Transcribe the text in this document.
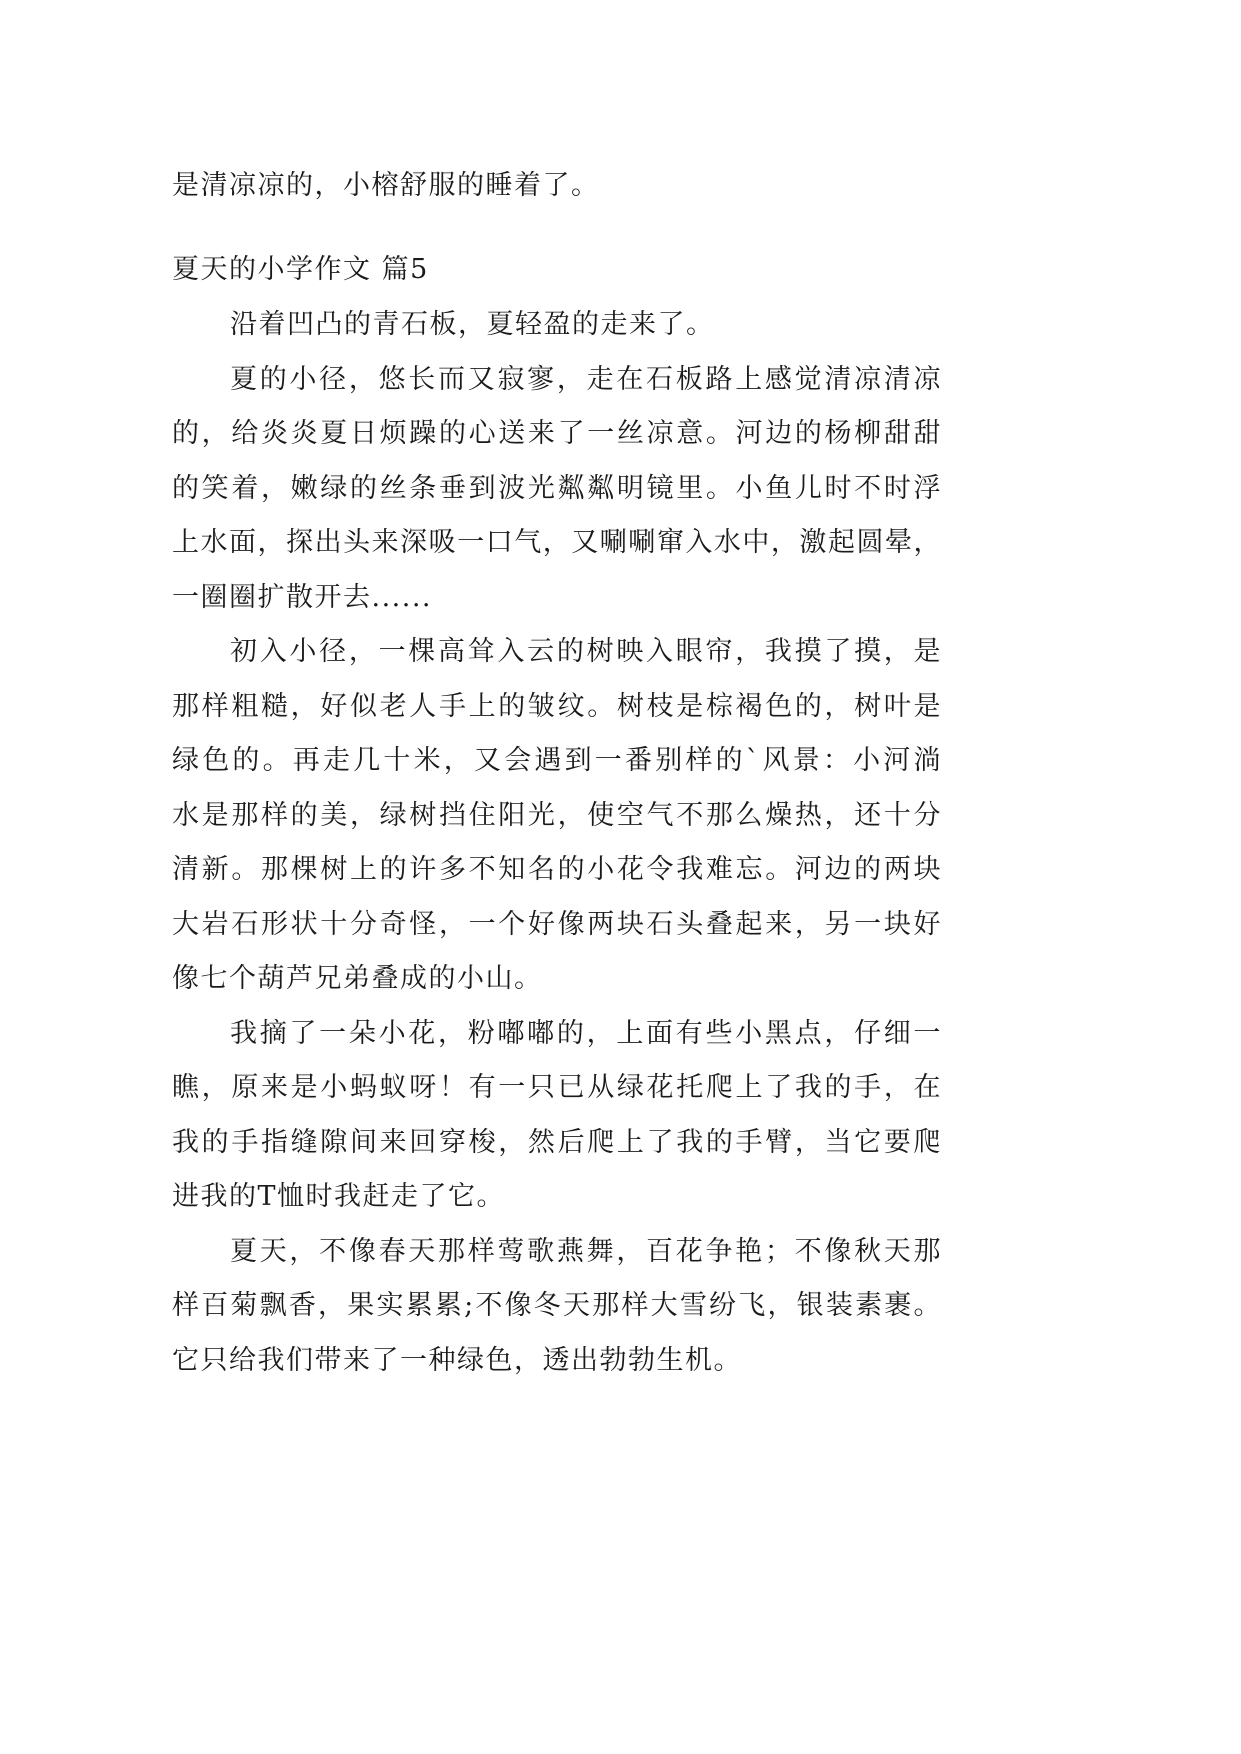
是清凉凉的，小榕舒服的睡着了。
夏天的小学作文 篇5
沿着凹凸的青石板，夏轻盈的走来了。
夏的小径，悠长而又寂寥，走在石板路上感觉清凉清凉
的，给炎炎夏日烦躁的心送来了一丝凉意。河边的杨柳甜甜
的笑着，嫩绿的丝条垂到波光粼粼明镜里。小鱼儿时不时浮
上水面，探出头来深吸一口气，又唰唰窜入水中，激起圆晕，
一圈圈扩散开去......
初入小径，一棵高耸入云的树映入眼帘，我摸了摸，是
那样粗糙，好似老人手上的皱纹。树枝是棕褐色的，树叶是
绿色的。再走几十米，又会遇到一番别样的`风景：小河淌
水是那样的美，绿树挡住阳光，使空气不那么燥热，还十分
清新。那棵树上的许多不知名的小花令我难忘。河边的两块
大岩石形状十分奇怪，一个好像两块石头叠起来，另一块好
像七个葫芦兄弟叠成的小山。
我摘了一朵小花，粉嘟嘟的，上面有些小黑点，仔细一
瞧，原来是小蚂蚁呀！有一只已从绿花托爬上了我的手，在
我的手指缝隙间来回穿梭，然后爬上了我的手臂，当它要爬
进我的T恤时我赶走了它。
夏天，不像春天那样莺歌燕舞，百花争艳；不像秋天那
样百菊飘香，果实累累;不像冬天那样大雪纷飞，银装素裹。
它只给我们带来了一种绿色，透出勃勃生机。
